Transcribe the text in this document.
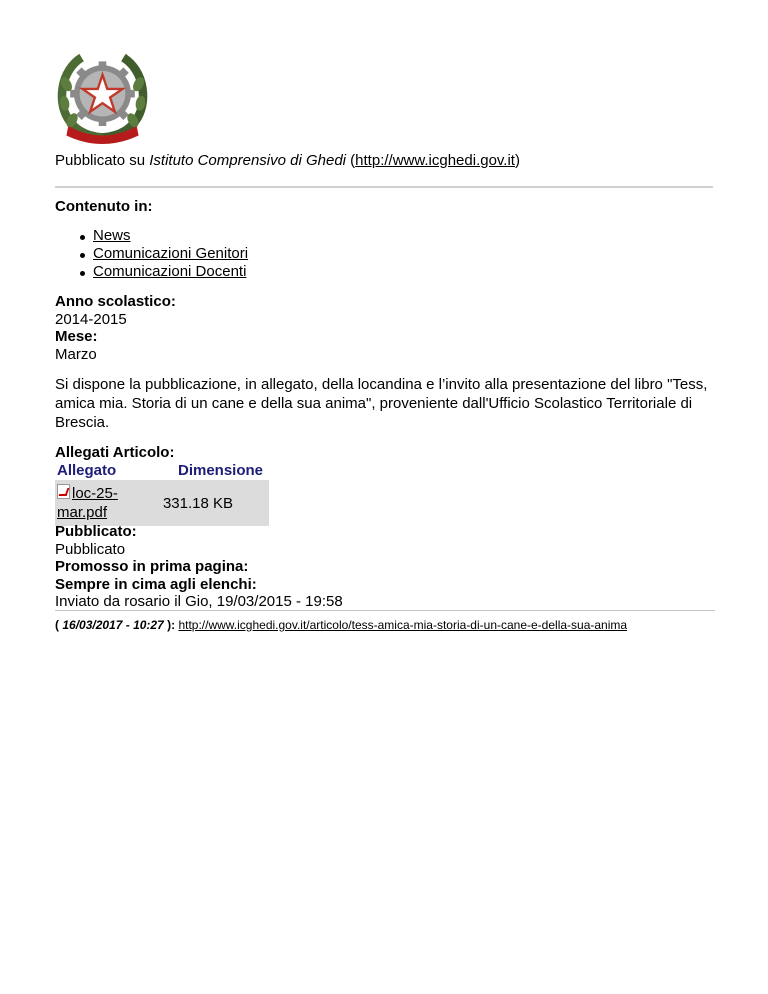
Pubblicato su Istituto Comprensivo di Ghedi (http://www.icghedi.gov.it)
Contenuto in:
News
Comunicazioni Genitori
Comunicazioni Docenti
Anno scolastico:
2014-2015
Mese:
Marzo
Si dispone la pubblicazione, in allegato, della locandina e l’invito alla presentazione del libro "Tess, amica mia. Storia di un cane e della sua anima", proveniente dall'Ufficio Scolastico Territoriale di Brescia.
Allegati Articolo:
Allegato	Dimensione
loc-25-mar.pdf	331.18 KB
Pubblicato:
Pubblicato
Promosso in prima pagina:
Sempre in cima agli elenchi:
Inviato da rosario il Gio, 19/03/2015 - 19:58
( 16/03/2017 - 10:27 ): http://www.icghedi.gov.it/articolo/tess-amica-mia-storia-di-un-cane-e-della-sua-anima
